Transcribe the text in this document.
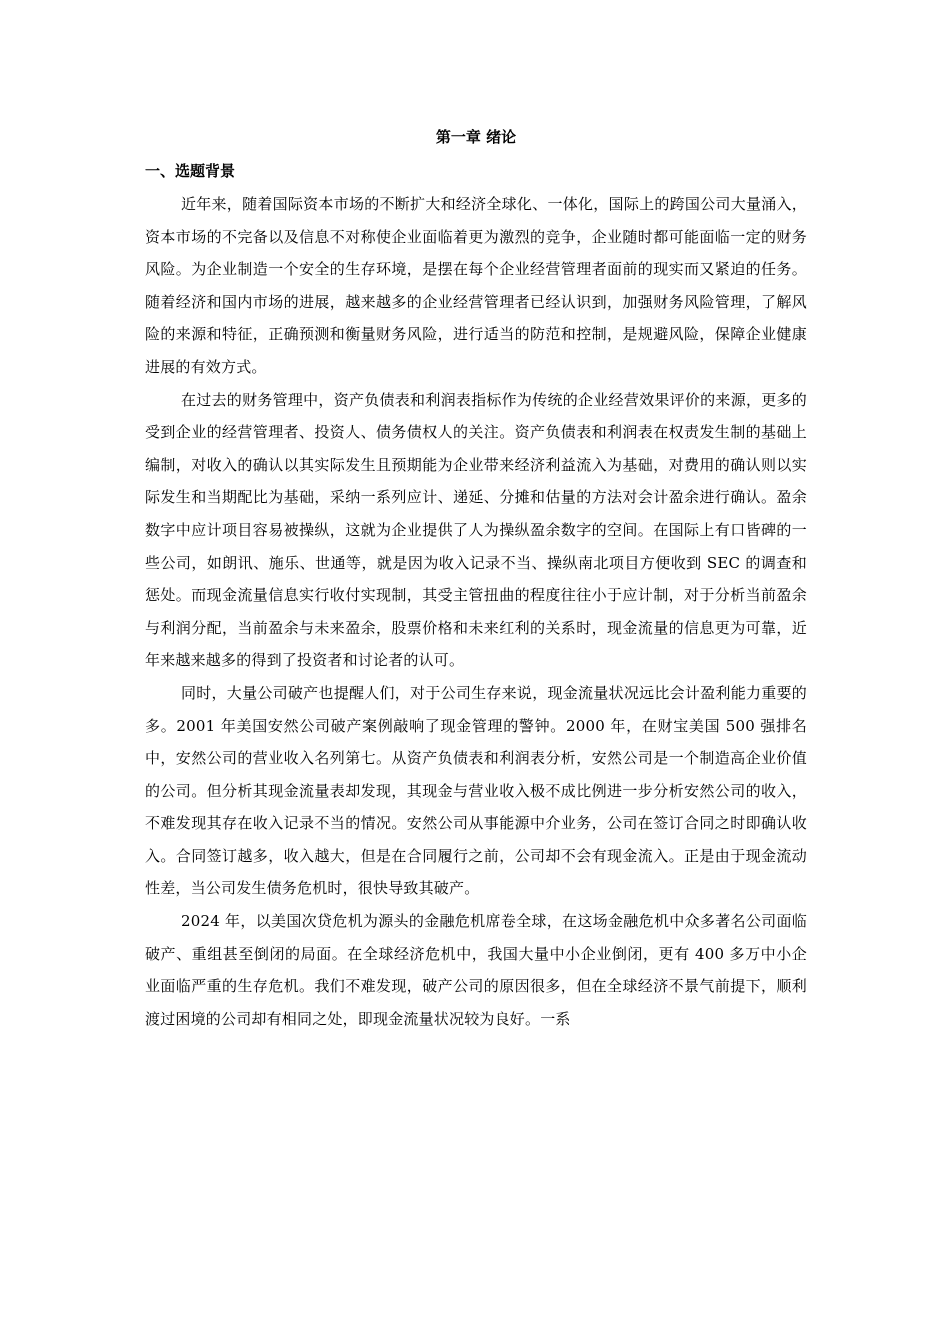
第一章 绪论
一、选题背景

近年来，随着国际资本市场的不断扩大和经济全球化、一体化，国际上的跨国公司大量涌入，资本市场的不完备以及信息不对称使企业面临着更为激烈的竞争，企业随时都可能面临一定的财务风险。为企业制造一个安全的生存环境，是摆在每个企业经营管理者面前的现实而又紧迫的任务。随着经济和国内市场的进展，越来越多的企业经营管理者已经认识到，加强财务风险管理，了解风险的来源和特征，正确预测和衡量财务风险，进行适当的防范和控制，是规避风险，保障企业健康进展的有效方式。

在过去的财务管理中，资产负债表和利润表指标作为传统的企业经营效果评价的来源，更多的受到企业的经营管理者、投资人、债务债权人的关注。资产负债表和利润表在权责发生制的基础上编制，对收入的确认以其实际发生且预期能为企业带来经济利益流入为基础，对费用的确认则以实际发生和当期配比为基础，采纳一系列应计、递延、分摊和估量的方法对会计盈余进行确认。盈余数字中应计项目容易被操纵，这就为企业提供了人为操纵盈余数字的空间。在国际上有口皆碑的一些公司，如朗讯、施乐、世通等，就是因为收入记录不当、操纵南北项目方便收到 SEC 的调查和惩处。而现金流量信息实行收付实现制，其受主管扭曲的程度往往小于应计制，对于分析当前盈余与利润分配，当前盈余与未来盈余，股票价格和未来红利的关系时，现金流量的信息更为可靠，近年来越来越多的得到了投资者和讨论者的认可。

同时，大量公司破产也提醒人们，对于公司生存来说，现金流量状况远比会计盈利能力重要的多。2001 年美国安然公司破产案例敲响了现金管理的警钟。2000 年，在财宝美国 500 强排名中，安然公司的营业收入名列第七。从资产负债表和利润表分析，安然公司是一个制造高企业价值的公司。但分析其现金流量表却发现，其现金与营业收入极不成比例进一步分析安然公司的收入，不难发现其存在收入记录不当的情况。安然公司从事能源中介业务，公司在签订合同之时即确认收入。合同签订越多，收入越大，但是在合同履行之前，公司却不会有现金流入。正是由于现金流动性差，当公司发生债务危机时，很快导致其破产。

2024 年，以美国次贷危机为源头的金融危机席卷全球，在这场金融危机中众多著名公司面临破产、重组甚至倒闭的局面。在全球经济危机中，我国大量中小企业倒闭，更有 400 多万中小企业面临严重的生存危机。我们不难发现，破产公司的原因很多，但在全球经济不景气前提下，顺利渡过困境的公司却有相同之处，即现金流量状况较为良好。一系
